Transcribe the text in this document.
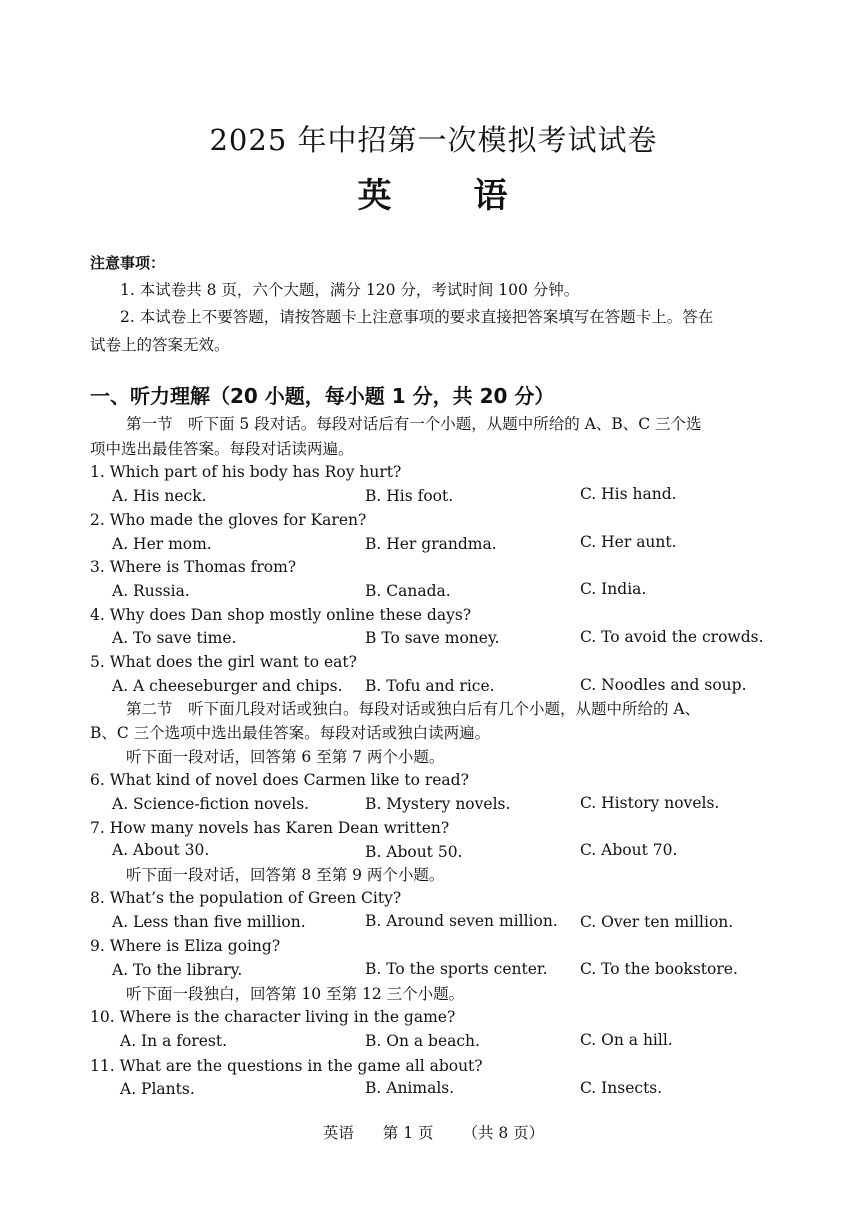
2025 年中招第一次模拟考试试卷
英 语
注意事项：
1. 本试卷共 8 页，六个大题，满分 120 分，考试时间 100 分钟。
2. 本试卷上不要答题，请按答题卡上注意事项的要求直接把答案填写在答题卡上。答在
试卷上的答案无效。
一、听力理解（20 小题，每小题 1 分，共 20 分）
第一节　听下面 5 段对话。每段对话后有一个小题，从题中所给的 A、B、C 三个选
项中选出最佳答案。每段对话读两遍。
1. Which part of his body has Roy hurt?
A. His neck.	B. His foot.	C. His hand.
2. Who made the gloves for Karen?
A. Her mom.	B. Her grandma.	C. Her aunt.
3. Where is Thomas from?
A. Russia.	B. Canada.	C. India.
4. Why does Dan shop mostly online these days?
A. To save time.	B To save money.	C. To avoid the crowds.
5. What does the girl want to eat?
A. A cheeseburger and chips. B. Tofu and rice.	C. Noodles and soup.
第二节　听下面几段对话或独白。每段对话或独白后有几个小题，从题中所给的 A、
B、C 三个选项中选出最佳答案。每段对话或独白读两遍。
听下面一段对话，回答第 6 至第 7 两个小题。
6. What kind of novel does Carmen like to read?
A. Science-fiction novels.	B. Mystery novels.	C. History novels.
7. How many novels has Karen Dean written?
A. About 30.	B. About 50.	C. About 70.
听下面一段对话，回答第 8 至第 9 两个小题。
8. What’s the population of Green City?
A. Less than five million.	B. Around seven million. C. Over ten million.
9. Where is Eliza going?
A. To the library.	B. To the sports center. C. To the bookstore.
听下面一段独白，回答第 10 至第 12 三个小题。
10. Where is the character living in the game?
A. In a forest.	B. On a beach.	C. On a hill.
11. What are the questions in the game all about?
A. Plants.	B. Animals.	C. Insects.
英语 第 1 页 （共 8 页）
